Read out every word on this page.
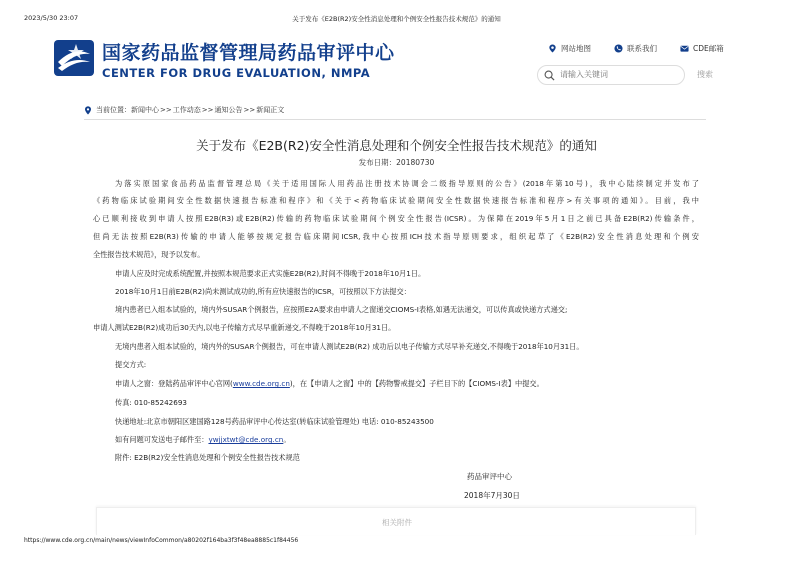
2023/5/30 23:07	关于发布《E2B(R2)安全性消息处理和个例安全性报告技术规范》的通知
国家药品监督管理局药品审评中心
CENTER FOR DRUG EVALUATION, NMPA
网站地图	联系我们	CDE邮箱
请输入关键词
搜索
当前位置： 新闻中心 >> 工作动态 >> 通知公告 >> 新闻正文
关于发布《E2B(R2)安全性消息处理和个例安全性报告技术规范》的通知
发布日期：20180730

为落实原国家食品药品监督管理总局《关于适用国际人用药品注册技术协调会二级指导原则的公告》(2018年第10号)，我中心陆续制定并发布了

《药物临床试验期间安全性数据快速报告标准和程序》和《关于<药物临床试验期间安全性数据快速报告标准和程序>有关事项的通知》。目前，我中

心已顺利接收到申请人按照E2B(R3)或E2B(R2)传输的药物临床试验期间个例安全性报告(ICSR)。为保障在2019年5月1日之前已具备E2B(R2)传输条件，

但尚无法按照E2B(R3)传输的申请人能够按规定报告临床期间ICSR,我中心按照ICH技术指导原则要求，组织起草了《E2B(R2)安全性消息处理和个例安

全性报告技术规范》，现予以发布。

申请人应及时完成系统配置,并按照本规范要求正式实施E2B(R2),时间不得晚于2018年10月1日。

2018年10月1日前E2B(R2)尚未测试成功的,所有应快速报告的ICSR，可按照以下方法提交：

境内患者已入组本试验的，境内外SUSAR个例报告，应按照E2A要求由申请人之窗递交CIOMS-I表格,如遇无法递交，可以传真或快递方式递交;

申请人测试E2B(R2)成功后30天内,以电子传输方式尽早重新递交,不得晚于2018年10月31日。

无境内患者入组本试验的，境内外的SUSAR个例报告，可在申请人测试E2B(R2) 成功后以电子传输方式尽早补充递交,不得晚于2018年10月31日。

提交方式:

申请人之窗：登陆药品审评中心官网(www.cde.org.cn)，在【申请人之窗】中的【药物警戒提交】子栏目下的【CIOMS-I表】中提交。

传真: 010-85242693

快递地址:北京市朝阳区建国路128号药品审评中心传达室(转临床试验管理处) 电话: 010-85243500

如有问题可发送电子邮件至：ywjjxtwt@cde.org.cn。

附件: E2B(R2)安全性消息处理和个例安全性报告技术规范

药品审评中心
2018年7月30日
相关附件
https://www.cde.org.cn/main/news/viewInfoCommon/a80202f164ba3f3f48ea8885c1f84456
